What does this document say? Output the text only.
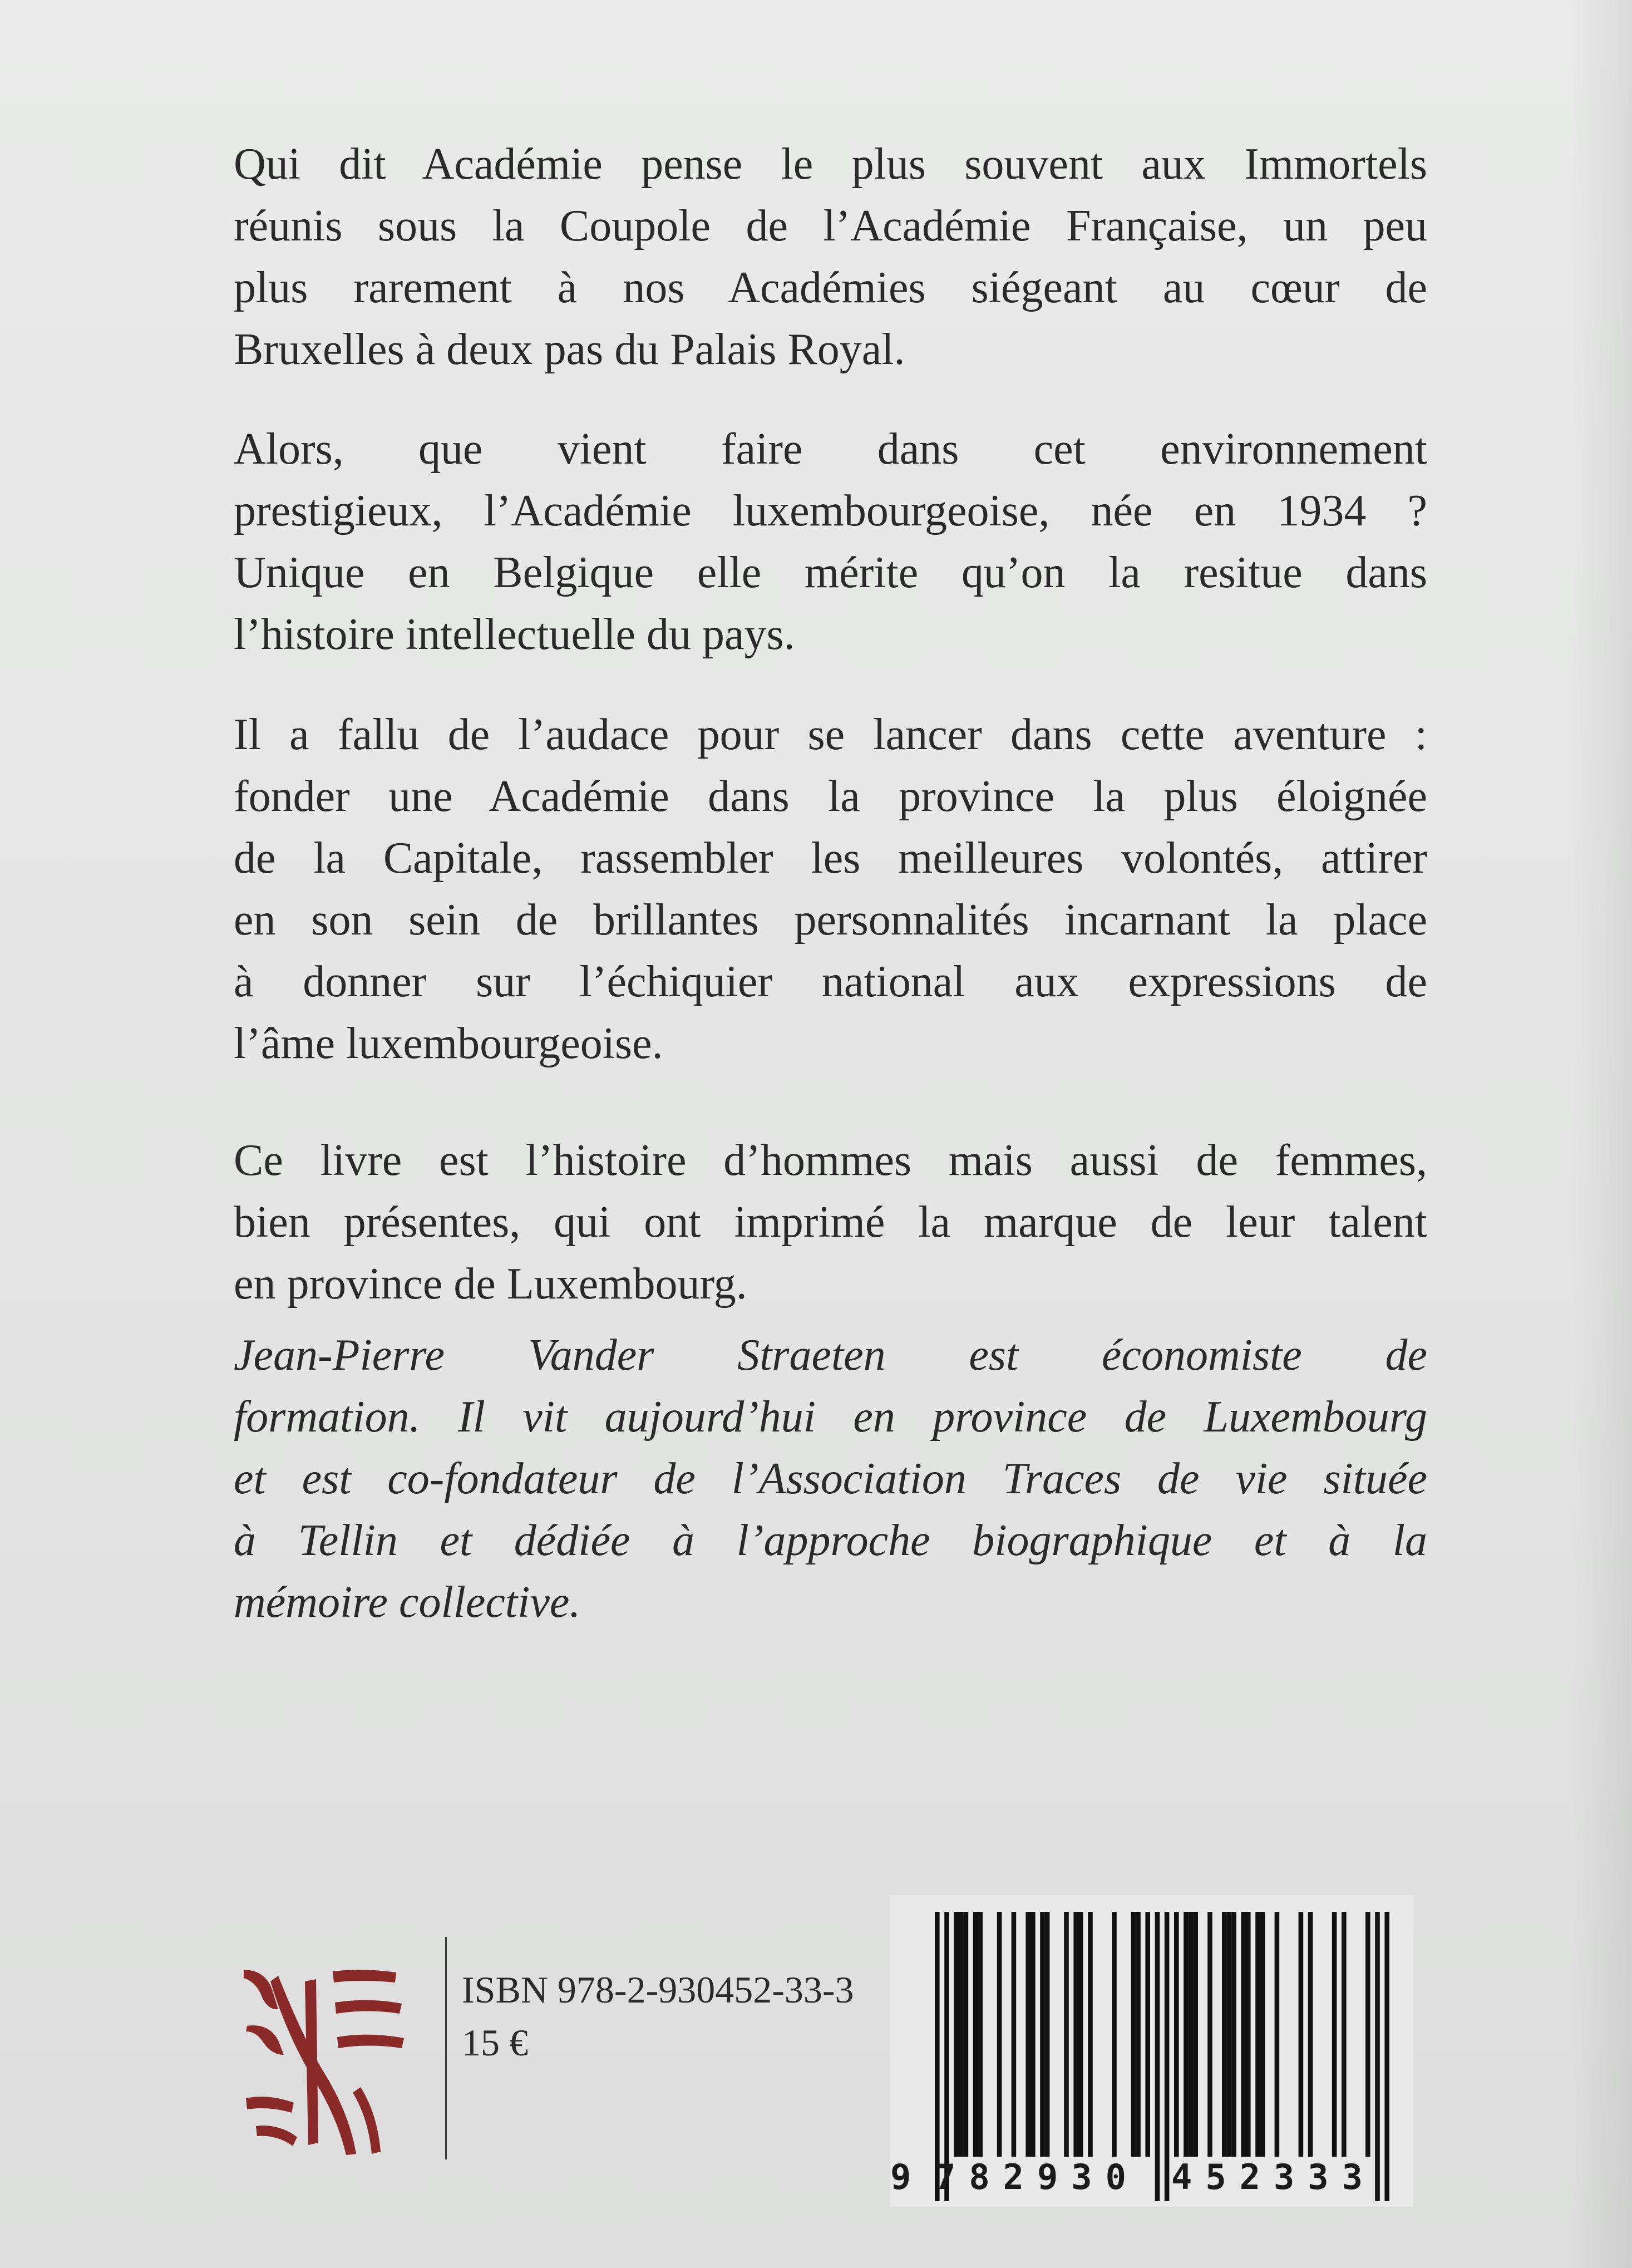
Qui dit Académie pense le plus souvent aux Immortels
réunis sous la Coupole de l’Académie Française, un peu
plus rarement à nos Académies siégeant au cœur de
Bruxelles à deux pas du Palais Royal.
Alors, que vient faire dans cet environnement
prestigieux, l’Académie luxembourgeoise, née en 1934 ?
Unique en Belgique elle mérite qu’on la resitue dans
l’histoire intellectuelle du pays.
Il a fallu de l’audace pour se lancer dans cette aventure :
fonder une Académie dans la province la plus éloignée
de la Capitale, rassembler les meilleures volontés, attirer
en son sein de brillantes personnalités incarnant la place
à donner sur l’échiquier national aux expressions de
l’âme luxembourgeoise.
Ce livre est l’histoire d’hommes mais aussi de femmes,
bien présentes, qui ont imprimé la marque de leur talent
en province de Luxembourg.
Jean-Pierre Vander Straeten est économiste de
formation. Il vit aujourd’hui en province de Luxembourg
et est co-fondateur de l’Association Traces de vie située
à Tellin et dédiée à l’approche biographique et à la
mémoire collective.
ISBN 978-2-930452-33-3
15 €
9 782930 452333
